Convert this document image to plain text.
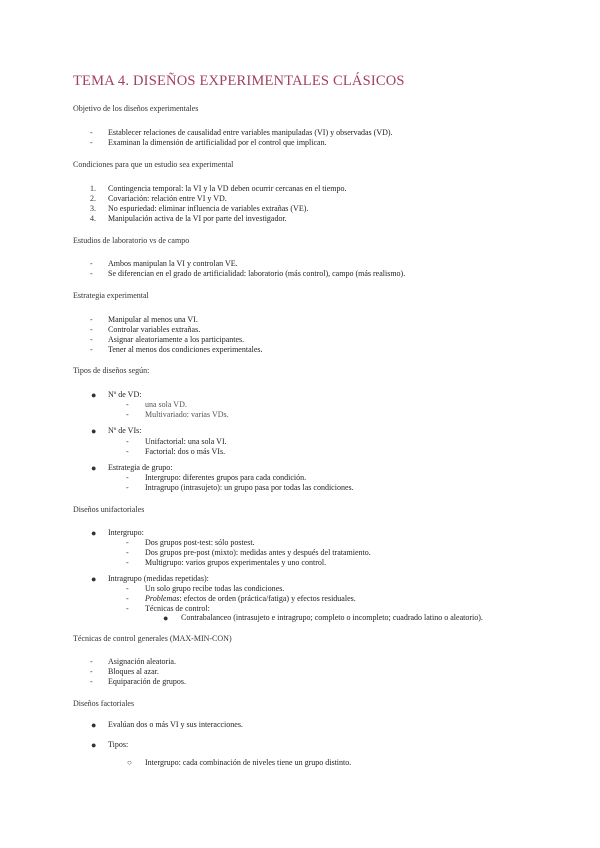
TEMA 4. DISEÑOS EXPERIMENTALES CLÁSICOS
Objetivo de los diseños experimentales
- Establecer relaciones de causalidad entre variables manipuladas (VI) y observadas (VD).
- Examinan la dimensión de artificialidad por el control que implican.
Condiciones para que un estudio sea experimental
1. Contingencia temporal: la VI y la VD deben ocurrir cercanas en el tiempo.
2. Covariación: relación entre VI y VD.
3. No espuriedad: eliminar influencia de variables extrañas (VE).
4. Manipulación activa de la VI por parte del investigador.
Estudios de laboratorio vs de campo
- Ambos manipulan la VI y controlan VE.
- Se diferencian en el grado de artificialidad: laboratorio (más control), campo (más realismo).
Estrategia experimental
- Manipular al menos una VI.
- Controlar variables extrañas.
- Asignar aleatoriamente a los participantes.
- Tener al menos dos condiciones experimentales.
Tipos de diseños según:
● Nº de VD:
- una sola VD.
- Multivariado: varias VDs.
● Nº de VIs:
- Unifactorial: una sola VI.
- Factorial: dos o más VIs.
● Estrategia de grupo:
- Intergrupo: diferentes grupos para cada condición.
- Intragrupo (intrasujeto): un grupo pasa por todas las condiciones.
Diseños unifactoriales
● Intergrupo:
- Dos grupos post-test: sólo postest.
- Dos grupos pre-post (mixto): medidas antes y después del tratamiento.
- Multigrupo: varios grupos experimentales y uno control.
● Intragrupo (medidas repetidas):
- Un solo grupo recibe todas las condiciones.
- Problemas: efectos de orden (práctica/fatiga) y efectos residuales.
- Técnicas de control:
● Contrabalanceo (intrasujeto e intragrupo; completo o incompleto; cuadrado latino o aleatorio).
Técnicas de control generales (MAX-MIN-CON)
- Asignación aleatoria.
- Bloques al azar.
- Equiparación de grupos.
Diseños factoriales
● Evalúan dos o más VI y sus interacciones.
● Tipos:
○ Intergrupo: cada combinación de niveles tiene un grupo distinto.
